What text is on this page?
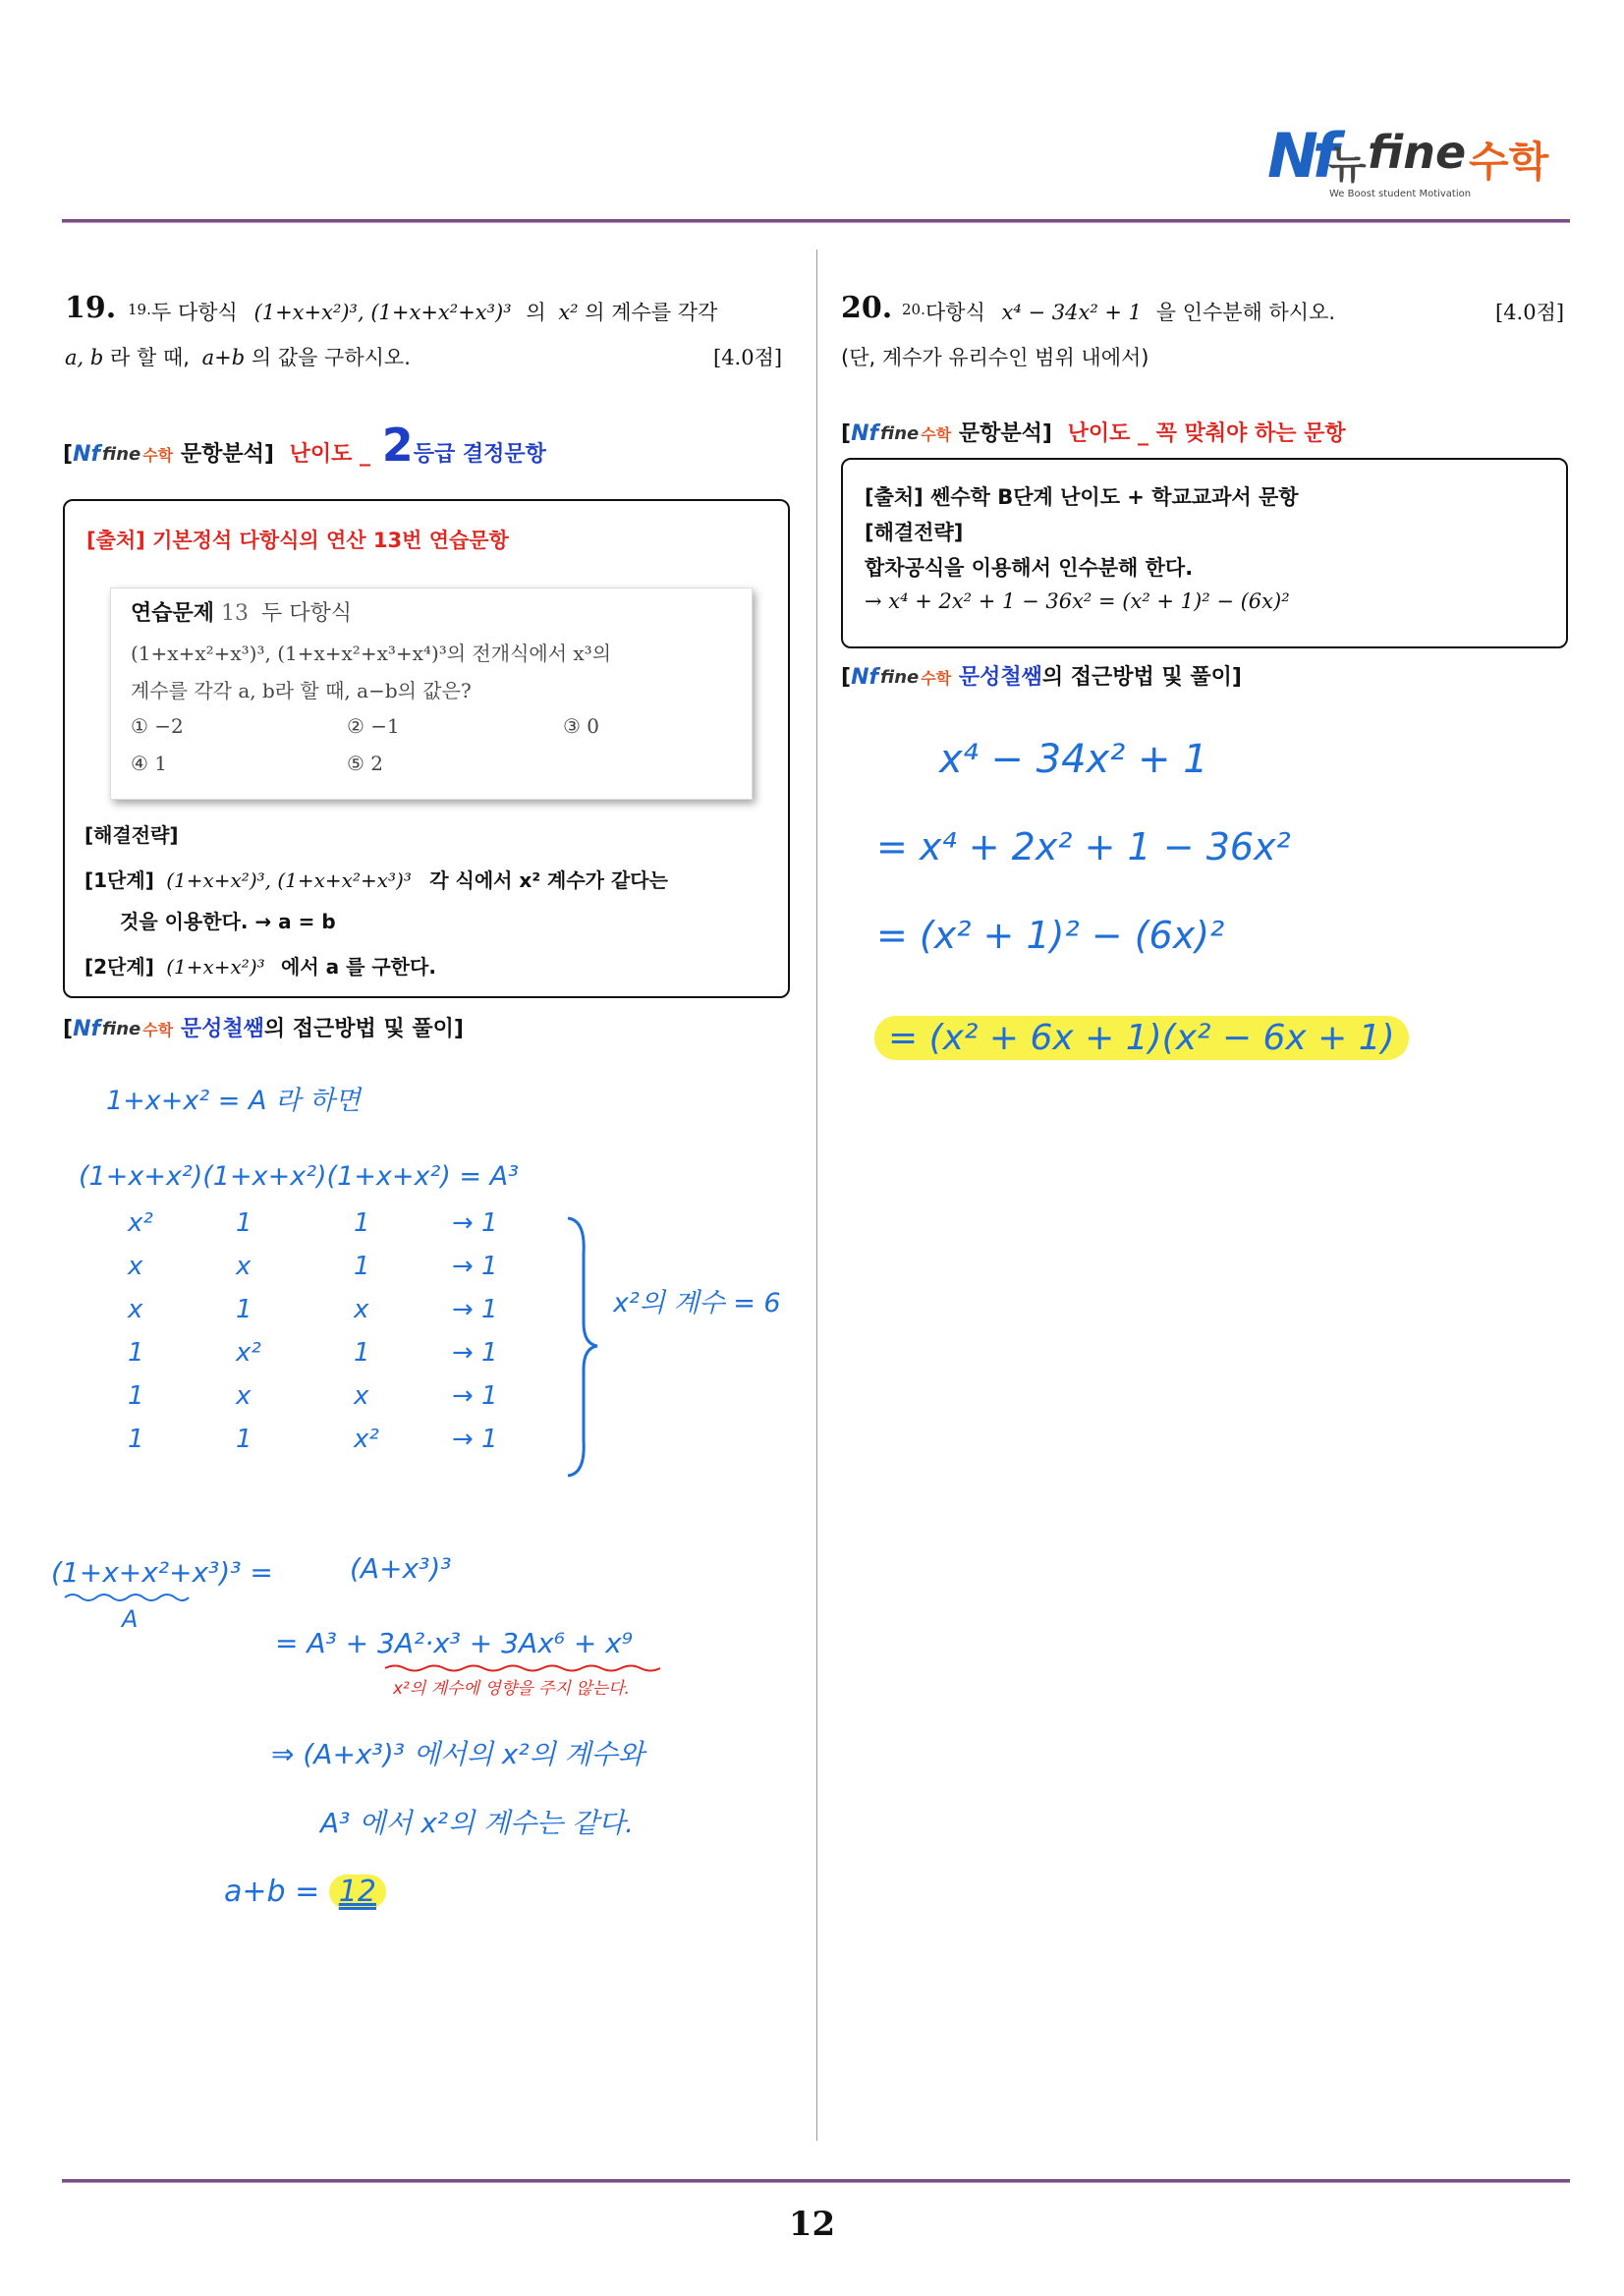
Nf
뉴 fine 수학
We Boost student Motivation
19. 19. 두 다항식 (1+x+x²)³, (1+x+x²+x³)³ 의 x² 의 계수를 각각
a, b 라 할 때, a+b 의 값을 구하시오.	[4.0점]
[ Nf fine 수학 문항분석] 난이도 _ 2등급 결정문항
[출처] 기본정석 다항식의 연산 13번 연습문항
연습문제 13 두 다항식
(1+x+x²+x³)³, (1+x+x²+x³+x⁴)³의 전개식에서 x³의
계수를 각각 a, b라 할 때, a−b의 값은?
① −2	② −1	③ 0
④ 1	⑤ 2
[해결전략]
[1단계] (1+x+x²)³, (1+x+x²+x³)³ 각 식에서 x² 계수가 같다는
것을 이용한다. → a = b
[2단계] (1+x+x²)³ 에서 a 를 구한다.
[ Nf fine 수학 문성철쌤의 접근방법 및 풀이]
1+x+x² = A 라 하면
(1+x+x²)(1+x+x²)(1+x+x²) = A³
x²	1	1	→ 1
x	x	1	→ 1
x	1	x	→ 1
1	x²	1	→ 1
1	x	x	→ 1
1	1	x²	→ 1
x²의 계수 = 6
(1+x+x²+x³)³ =
A
(A+x³)³
= A³ + 3A²·x³ + 3Ax⁶ + x⁹
x²의 계수에 영향을 주지 않는다.
⇒ (A+x³)³ 에서의 x²의 계수와
A³ 에서 x²의 계수는 같다.
a+b = 12
20. 20. 다항식 x⁴ − 34x² + 1 을 인수분해 하시오.	[4.0점]
(단, 계수가 유리수인 범위 내에서)
[ Nf fine 수학 문항분석] 난이도 _ 꼭 맞춰야 하는 문항
[출처] 쎈수학 B단계 난이도 + 학교교과서 문항
[해결전략]
합차공식을 이용해서 인수분해 한다.
→ x⁴ + 2x² + 1 − 36x² = (x² + 1)² − (6x)²
[ Nf fine 수학 문성철쌤의 접근방법 및 풀이]
x⁴ − 34x² + 1
= x⁴ + 2x² + 1 − 36x²
= (x² + 1)² − (6x)²
= (x² + 6x + 1)(x² − 6x + 1)
12
